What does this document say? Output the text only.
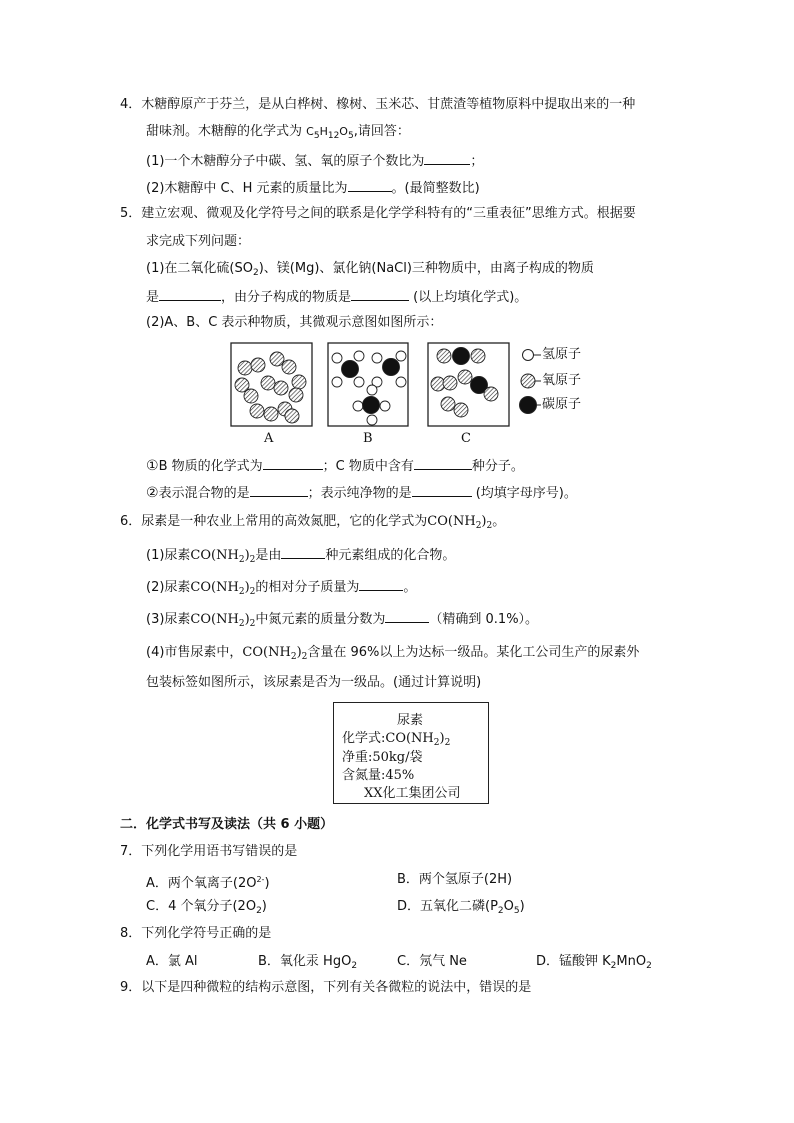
4．木糖醇原产于芬兰，是从白桦树、橡树、玉米芯、甘蔗渣等植物原料中提取出来的一种
甜味剂。木糖醇的化学式为 $C_5H_{12}O_5$,请回答：
(1)一个木糖醇分子中碳、氢、氧的原子个数比为	；
(2)木糖醇中 C、H 元素的质量比为	。(最简整数比)
5．建立宏观、微观及化学符号之间的联系是化学学科特有的“三重表征”思维方式。根据要
求完成下列问题：
(1)在二氧化硫$(SO_2)$、镁(Mg)、氯化钠(NaCl)三种物质中，由离子构成的物质
是	，由分子构成的物质是	(以上均填化学式)。
(2)A、B、C 表示种物质，其微观示意图如图所示：
氢原子
氧原子
碳原子
A	B	C
①B 物质的化学式为	；C 物质中含有	种分子。
②表示混合物的是	；表示纯净物的是	(均填字母序号)。
6．尿素是一种农业上常用的高效氮肥，它的化学式为$CO(NH_2)_2$。
(1)尿素$CO(NH_2)_2$是由	种元素组成的化合物。
(2)尿素$CO(NH_2)_2$的相对分子质量为	。
(3)尿素$CO(NH_2)_2$中氮元素的质量分数为	（精确到 0.1%）。
(4)市售尿素中，$CO(NH_2)_2$含量在 96%以上为达标一级品。某化工公司生产的尿素外
包装标签如图所示，该尿素是否为一级品。(通过计算说明)
尿素
化学式$:CO(NH_2)_2$
净重:50kg/袋
含氮量:45%
XX化工集团公司
二．化学式书写及读法（共 6 小题）
7．下列化学用语书写错误的是
A．两个氧离子$(2O^{2-})$	B．两个氢原子(2H)
C．4 个氧分子$(2O_2)$	D．五氧化二磷$(P_2O_5)$
8．下列化学符号正确的是
A．氯 Al	B．氧化汞 HgO$_2$	C．氖气 Ne	D．锰酸钾 $K_2MnO_2$
9．以下是四种微粒的结构示意图，下列有关各微粒的说法中，错误的是
